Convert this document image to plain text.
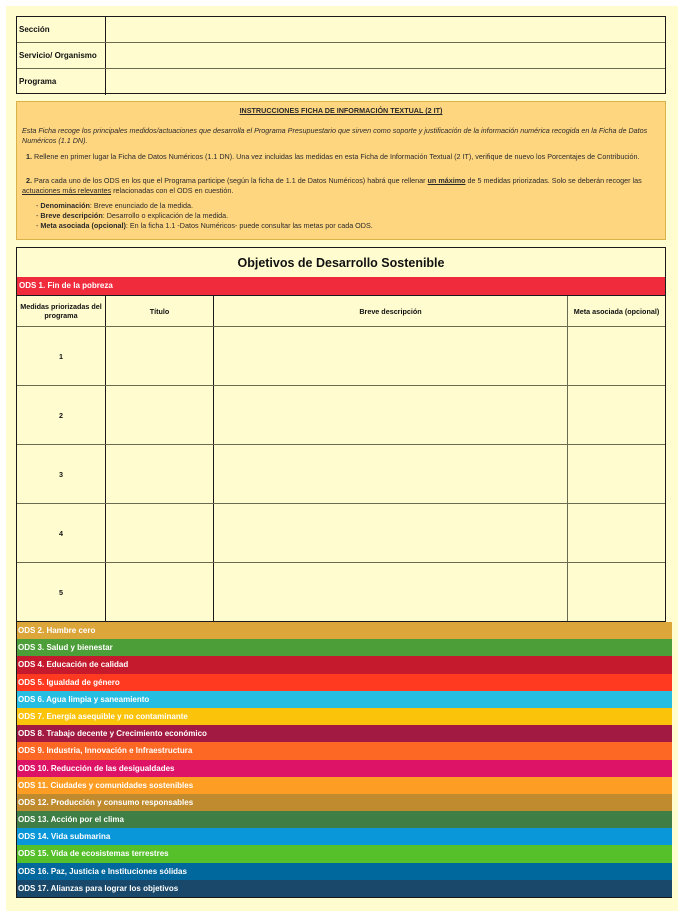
Sección
Servicio/ Organismo
Programa
INSTRUCCIONES FICHA DE INFORMACIÓN TEXTUAL (2 IT)
Esta Ficha recoge los principales medidos/actuaciones que desarrolla el Programa Presupuestario que sirven como soporte y justificación de la información numérica recogida en la Ficha de Datos Numéricos (1.1 DN).
1. Rellene en primer lugar la Ficha de Datos Numéricos (1.1 DN). Una vez incluidas las medidas en esta Ficha de Información Textual (2 IT), verifique de nuevo los Porcentajes de Contribución.
2. Para cada uno de los ODS en los que el Programa participe (según la ficha de 1.1 de Datos Numéricos) habrá que rellenar un máximo de 5 medidas priorizadas. Solo se deberán recoger las actuaciones más relevantes relacionadas con el ODS en cuestión.
- Denominación: Breve enunciado de la medida.
- Breve descripción: Desarrollo o explicación de la medida.
- Meta asociada (opcional): En la ficha 1.1 -Datos Numéricos- puede consultar las metas por cada ODS.
Objetivos de Desarrollo Sostenible
ODS 1. Fin de la pobreza
Medidas priorizadas del programa	Título	Breve descripción	Meta asociada (opcional)
1
2
3
4
5
ODS 2. Hambre cero
ODS 3. Salud y bienestar
ODS 4. Educación de calidad
ODS 5. Igualdad de género
ODS 6. Agua limpia y saneamiento
ODS 7. Energía asequible y no contaminante
ODS 8. Trabajo decente y Crecimiento económico
ODS 9. Industria, Innovación e Infraestructura
ODS 10. Reducción de las desigualdades
ODS 11. Ciudades y comunidades sostenibles
ODS 12. Producción y consumo responsables
ODS 13. Acción por el clima
ODS 14. Vida submarina
ODS 15. Vida de ecosistemas terrestres
ODS 16. Paz, Justicia e Instituciones sólidas
ODS 17. Alianzas para lograr los objetivos
